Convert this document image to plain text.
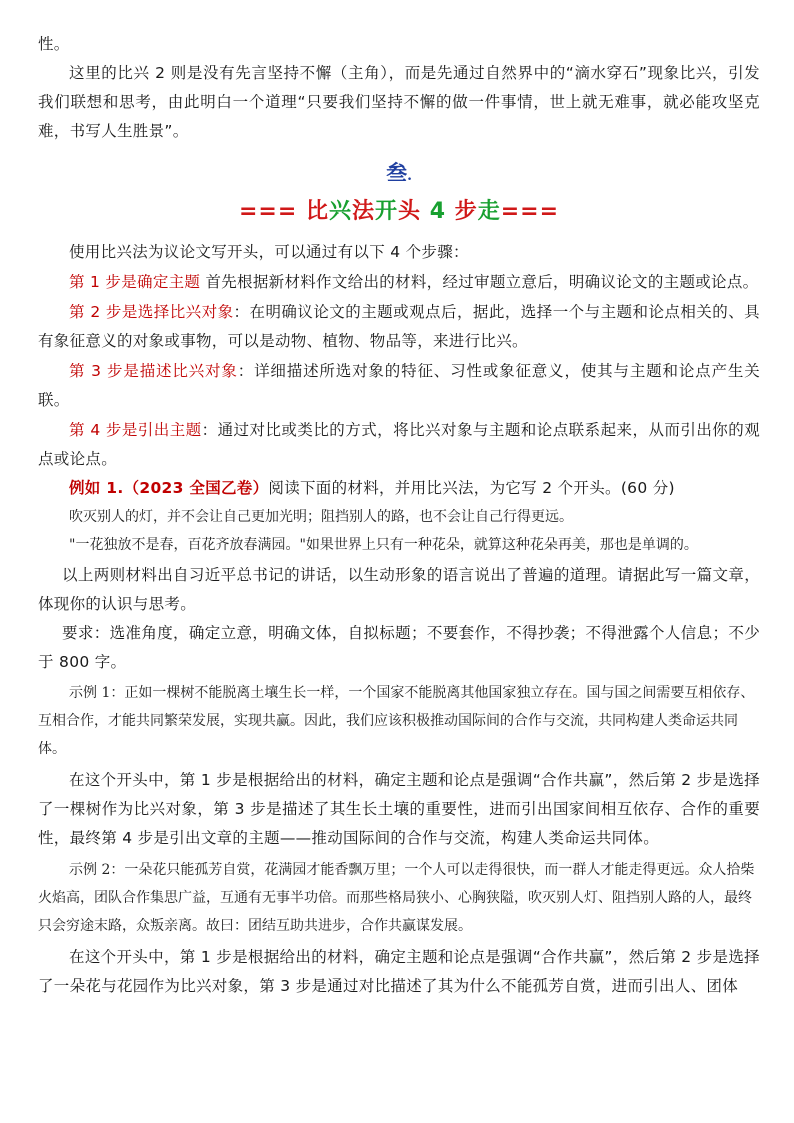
性。

这里的比兴 2 则是没有先言坚持不懈（主角），而是先通过自然界中的“滴水穿石”现象比兴，引发我们联想和思考，由此明白一个道理“只要我们坚持不懈的做一件事情，世上就无难事，就必能攻坚克难，书写人生胜景”。

叁.
=== 比兴法开头 4 步走===

使用比兴法为议论文写开头，可以通过有以下 4 个步骤：

第 1 步是确定主题 首先根据新材料作文给出的材料，经过审题立意后，明确议论文的主题或论点。

第 2 步是选择比兴对象：在明确议论文的主题或观点后，据此，选择一个与主题和论点相关的、具有象征意义的对象或事物，可以是动物、植物、物品等，来进行比兴。

第 3 步是描述比兴对象：详细描述所选对象的特征、习性或象征意义，使其与主题和论点产生关联。

第 4 步是引出主题：通过对比或类比的方式，将比兴对象与主题和论点联系起来，从而引出你的观点或论点。

例如 1.（2023 全国乙卷）阅读下面的材料，并用比兴法，为它写 2 个开头。(60 分)

吹灭别人的灯，并不会让自己更加光明；阻挡别人的路，也不会让自己行得更远。

"一花独放不是春，百花齐放春满园。"如果世界上只有一种花朵，就算这种花朵再美，那也是单调的。

以上两则材料出自习近平总书记的讲话，以生动形象的语言说出了普遍的道理。请据此写一篇文章，体现你的认识与思考。

要求：选准角度，确定立意，明确文体，自拟标题；不要套作，不得抄袭；不得泄露个人信息；不少于 800 字。

示例 1：正如一棵树不能脱离土壤生长一样，一个国家不能脱离其他国家独立存在。国与国之间需要互相依存、互相合作，才能共同繁荣发展，实现共赢。因此，我们应该积极推动国际间的合作与交流，共同构建人类命运共同体。

在这个开头中，第 1 步是根据给出的材料，确定主题和论点是强调“合作共赢”，然后第 2 步是选择了一棵树作为比兴对象，第 3 步是描述了其生长土壤的重要性，进而引出国家间相互依存、合作的重要性，最终第 4 步是引出文章的主题——推动国际间的合作与交流，构建人类命运共同体。

示例 2：一朵花只能孤芳自赏，花满园才能香飘万里；一个人可以走得很快，而一群人才能走得更远。众人拾柴火焰高，团队合作集思广益，互通有无事半功倍。而那些格局狭小、心胸狭隘，吹灭别人灯、阻挡别人路的人，最终只会穷途末路，众叛亲离。故曰：团结互助共进步，合作共赢谋发展。

在这个开头中，第 1 步是根据给出的材料，确定主题和论点是强调“合作共赢”，然后第 2 步是选择了一朵花与花园作为比兴对象，第 3 步是通过对比描述了其为什么不能孤芳自赏，进而引出人、团体
